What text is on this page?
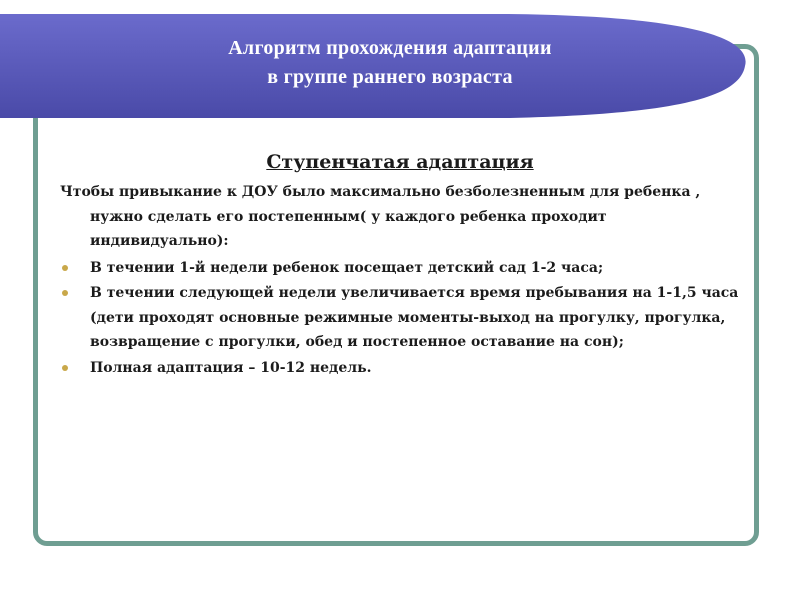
Алгоритм прохождения адаптации
в группе раннего возраста
Ступенчатая адаптация

Чтобы привыкание к ДОУ было максимально безболезненным для ребенка , нужно сделать его постепенным( у каждого ребенка проходит индивидуально):

В течении 1-й недели ребенок посещает детский сад 1-2 часа;
В течении следующей недели увеличивается время пребывания на 1-1,5 часа (дети проходят основные режимные моменты-выход на прогулку, прогулка, возвращение с прогулки, обед и постепенное оставание на сон);
Полная адаптация – 10-12 недель.
